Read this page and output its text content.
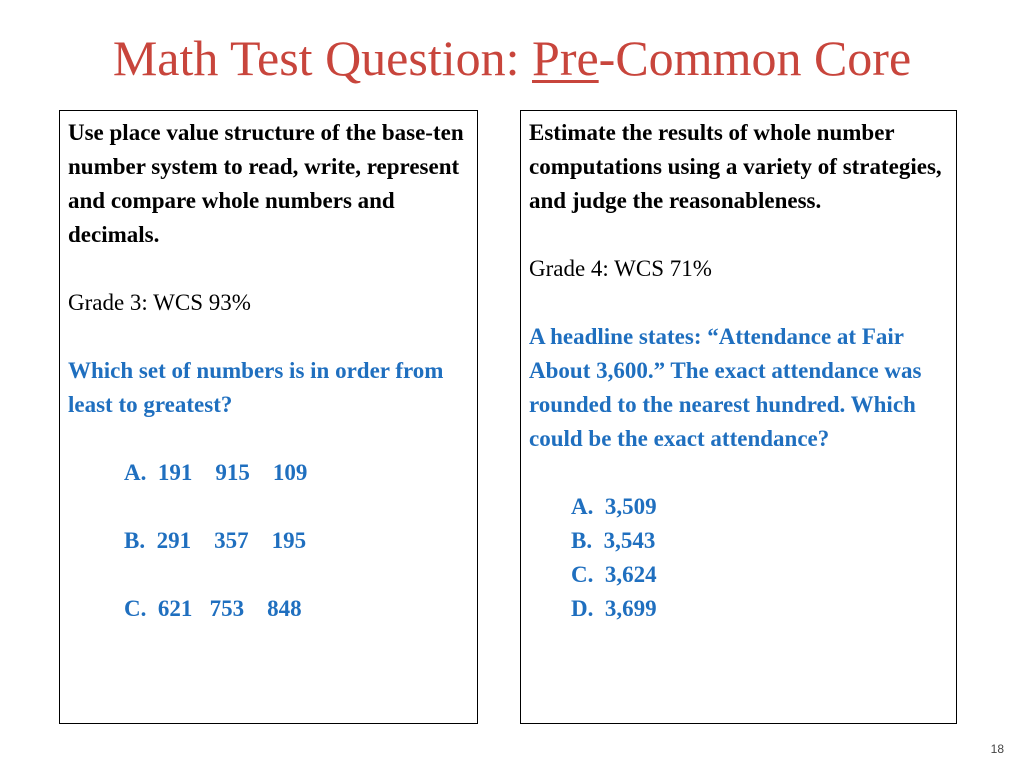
Math Test Question: Pre-Common Core

Use place value structure of the base-ten number system to read, write, represent and compare whole numbers and decimals.

Grade 3: WCS 93%

Which set of numbers is in order from least to greatest?

A.  191    915    109
B.  291    357    195
C.  621   753    848

Estimate the results of whole number computations using a variety of strategies, and judge the reasonableness.

Grade 4: WCS 71%

A headline states: “Attendance at Fair About 3,600.” The exact attendance was rounded to the nearest hundred. Which could be the exact attendance?

A.  3,509
B.  3,543
C.  3,624
D.  3,699
18
